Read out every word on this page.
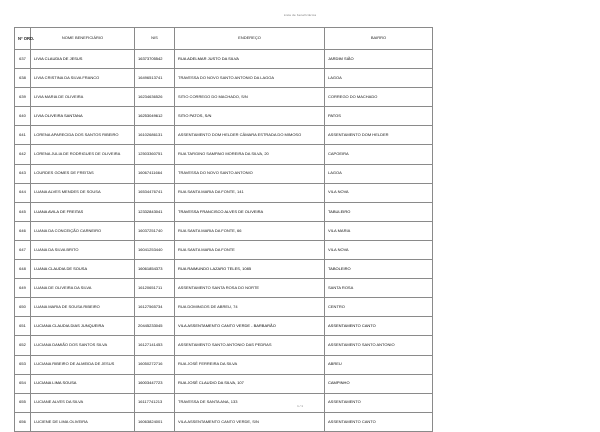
Lista de beneficiários
Nº ORD.	NOME BENEFICIÁRIO	NIS	ENDEREÇO	BAIRRO
637	LIVIA CLAUDIA DE JESUS	16373705542	RUA ADELMAR JUSTO DA SILVA	JARDIM SIÃO
638	LIVIA CRISTINA DA SILVA FRANCO	16496513741	TRAVESSA DO NOVO SANTO ANTONIO DA LAGOA	LAGOA
639	LIVIA MARIA DE OLIVEIRA	16234636526	SITIO CORREGO DO MACHADO, S/N	CORREGO DO MACHADO
640	LIVIA OLIVEIRA SANTANA	16253049612	SITIO PATOS, S/N	PATOS
641	LORENA APARECIDA DOS SANTOS RIBEIRO	16102686131	ASSENTAMENTO DOM HELDER CÂMARA ESTRADA DO MIMOSO	ASSENTAMENTO DOM HELDER
642	LORENA JULIA DE RODRIGUES DE OLIVEIRA	12503360751	RUA TARGINO SAMPAIO MOREIRA DA SILVA, 20	CAPOEIRA
643	LOURDES GOMES DE FREITAS	16067411664	TRAVESSA DO NOVO SANTO ANTONIO	LAGOA
644	LUANA ALVES MENDES DE SOUSA	16534476741	RUA SANTA MARIA DA FONTE, 141	VILA NOVA
645	LUANA AVILA DE FREITAS	12332843041	TRAVESSA FRANCISCO ALVES DE OLIVEIRA	TABULEIRO
646	LUANA DA CONCEIÇÃO CARNEIRO	16037251740	RUA SANTA MARIA DA FONTE, 66	VILA MARIA
647	LUANA DA SILVA BRITO	16041253440	RUA SANTA MARIA DA FONTE	VILA NOVA
648	LUANA CLAUDIA DE SOUSA	16061854373	RUA RAIMUNDO LAZARO TELES, 1085	TABOLEIRO
649	LUANA DE OLIVEIRA DA SILVA	16120651711	ASSENTAMENTO SANTA ROSA DO NORTE	SANTA ROSA
650	LUANA MARIA DE SOUSA RIBEIRO	16127565734	RUA DOMINGOS DE ABREU, 74	CENTRO
651	LUCIANA CLAUDIA DIAS JUNQUEIRA	20445233045	VILA ASSENTAMENTO CANTO VERDE - BARBARÃO	ASSENTAMENTO CANTO
652	LUCIANA DAMIÃO DOS SANTOS SILVA	16127141453	ASSENTAMENTO SANTO ANTONIO DAS PEDRAS	ASSENTAMENTO SANTO ANTONIO
653	LUCIANA RIBEIRO DE ALMEIDA DE JESUS	16050272716	RUA JOSÉ FERREIRA DA SILVA	ABREU
654	LUCIANA LIMA SOUSA	16003447723	RUA JOSÉ CLAUDIO DA SILVA, 107	CAMPINHO
655	LUCIANE ALVES DA SILVA	16117741213	TRAVESSA DE SANTA ANA, 133	ASSENTAMENTO
656	LUCIENE DE LIMA OLIVEIRA	16063824001	VILA ASSENTAMENTO CANTO VERDE, S/N	ASSENTAMENTO CANTO
1 / 1
